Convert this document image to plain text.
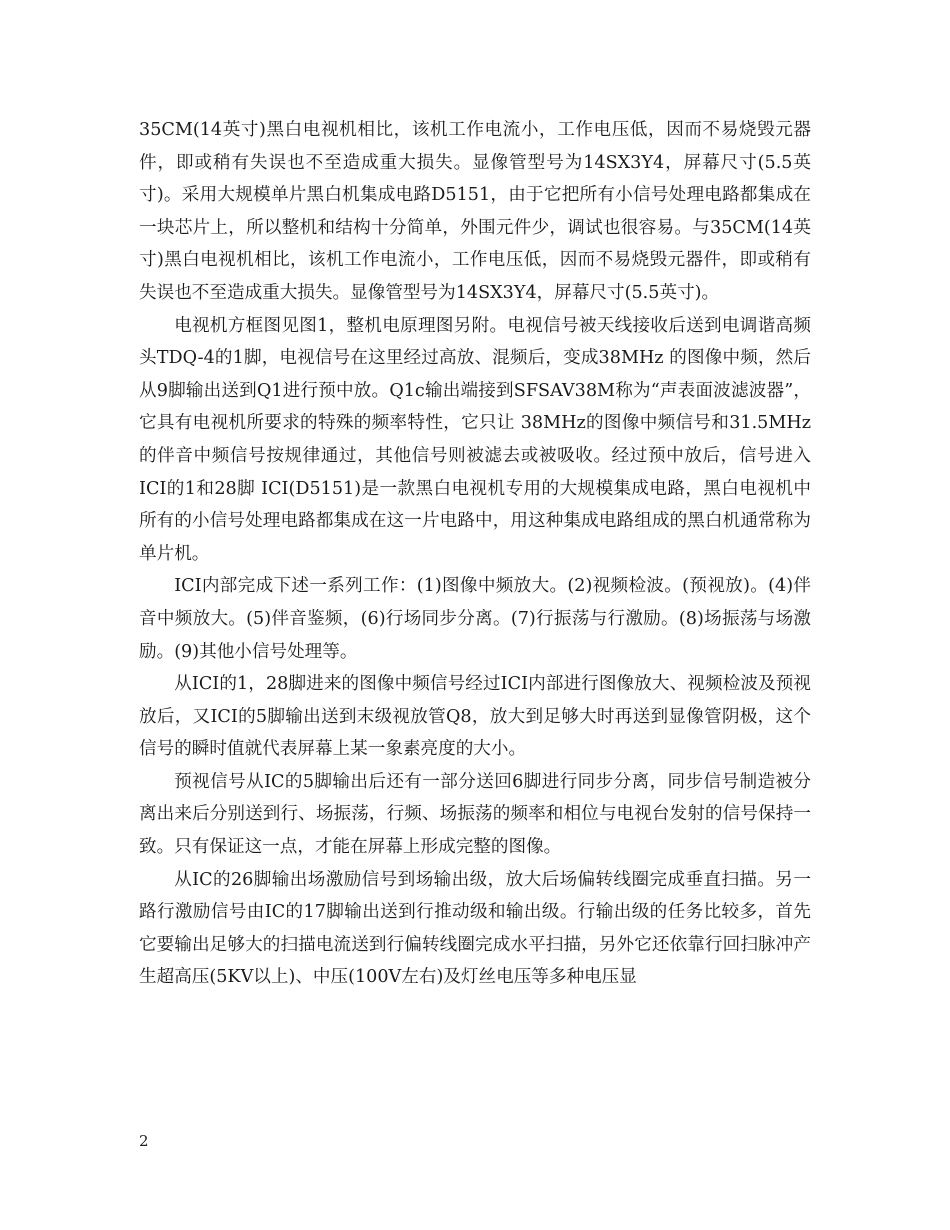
35CM(14英寸)黑白电视机相比，该机工作电流小，工作电压低，因而不易烧毁元器件，即或稍有失误也不至造成重大损失。显像管型号为14SX3Y4，屏幕尺寸(5.5英寸)。采用大规模单片黑白机集成电路D5151，由于它把所有小信号处理电路都集成在一块芯片上，所以整机和结构十分简单，外围元件少，调试也很容易。与35CM(14英寸)黑白电视机相比，该机工作电流小，工作电压低，因而不易烧毁元器件，即或稍有失误也不至造成重大损失。显像管型号为14SX3Y4，屏幕尺寸(5.5英寸)。

电视机方框图见图1，整机电原理图另附。电视信号被天线接收后送到电调谐高频头TDQ-4的1脚，电视信号在这里经过高放、混频后，变成38MHz 的图像中频，然后从9脚输出送到Q1进行预中放。Q1c输出端接到SFSAV38M称为“声表面波滤波器”，它具有电视机所要求的特殊的频率特性，它只让 38MHz的图像中频信号和31.5MHz的伴音中频信号按规律通过，其他信号则被滤去或被吸收。经过预中放后，信号进入ICI的1和28脚 ICI(D5151)是一款黑白电视机专用的大规模集成电路，黑白电视机中所有的小信号处理电路都集成在这一片电路中，用这种集成电路组成的黑白机通常称为单片机。

ICI内部完成下述一系列工作：(1)图像中频放大。(2)视频检波。(预视放)。(4)伴音中频放大。(5)伴音鉴频，(6)行场同步分离。(7)行振荡与行激励。(8)场振荡与场激励。(9)其他小信号处理等。

从ICI的1，28脚进来的图像中频信号经过ICI内部进行图像放大、视频检波及预视放后，又ICI的5脚输出送到末级视放管Q8，放大到足够大时再送到显像管阴极，这个信号的瞬时值就代表屏幕上某一象素亮度的大小。

预视信号从IC的5脚输出后还有一部分送回6脚进行同步分离，同步信号制造被分离出来后分别送到行、场振荡，行频、场振荡的频率和相位与电视台发射的信号保持一致。只有保证这一点，才能在屏幕上形成完整的图像。

从IC的26脚输出场激励信号到场输出级，放大后场偏转线圈完成垂直扫描。另一路行激励信号由IC的17脚输出送到行推动级和输出级。行输出级的任务比较多，首先它要输出足够大的扫描电流送到行偏转线圈完成水平扫描，另外它还依靠行回扫脉冲产生超高压(5KV以上)、中压(100V左右)及灯丝电压等多种电压显

2
